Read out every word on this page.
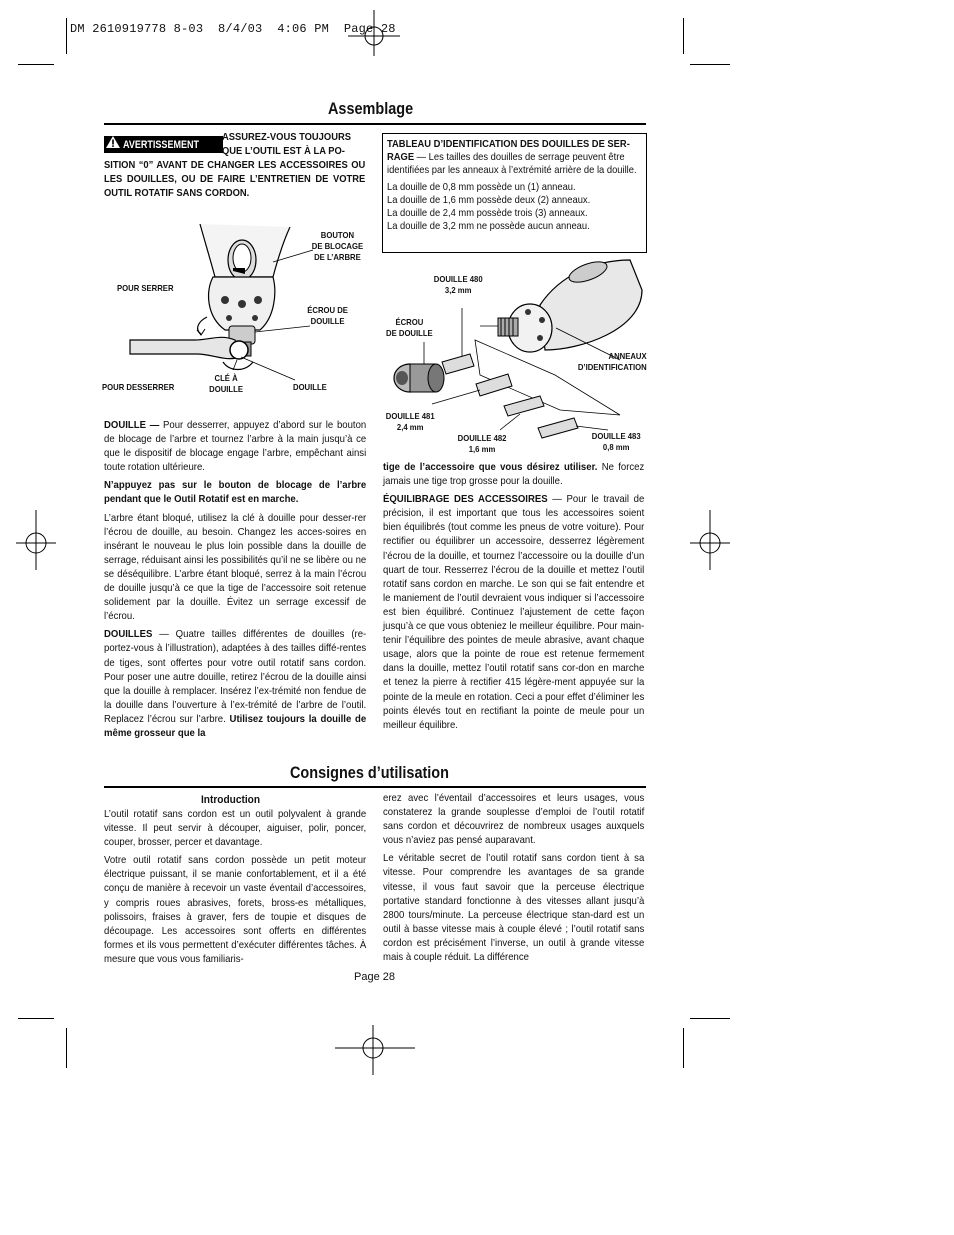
DM 2610919778 8-03  8/4/03  4:06 PM  Page 28
Assemblage
AVERTISSEMENT
ASSUREZ-VOUS TOUJOURS
QUE L’OUTIL EST À LA PO-
SITION “0” AVANT DE CHANGER LES ACCESSOIRES OU LES DOUILLES, OU DE FAIRE L’ENTRETIEN DE VOTRE OUTIL ROTATIF SANS CORDON.

TABLEAU D’IDENTIFICATION DES DOUILLES DE SER-RAGE — Les tailles des douilles de serrage peuvent être identifiées par les anneaux à l’extrémité arrière de la douille.

La douille de 0,8 mm possède un (1) anneau.
La douille de 1,6 mm possède deux (2) anneaux.
La douille de 2,4 mm possède trois (3) anneaux.
La douille de 3,2 mm ne possède aucun anneau.
BOUTON
DE BLOCAGE
DE L’ARBRE
POUR SERRER
ÉCROU DE
DOUILLE
POUR DESSERRER
CLÉ À
DOUILLE	DOUILLE
DOUILLE 480
3,2 mm
ÉCROU
DE DOUILLE
ANNEAUX
D’IDENTIFICATION
DOUILLE 481
2,4 mm
DOUILLE 482
1,6 mm
DOUILLE 483
0,8 mm

DOUILLE — Pour desserrer, appuyez d’abord sur le bouton de blocage de l’arbre et tournez l’arbre à la main jusqu’à ce que le dispositif de blocage engage l’arbre, empêchant ainsi toute rotation ultérieure.

N’appuyez pas sur le bouton de blocage de l’arbre pendant que le Outil Rotatif est en marche.

L’arbre étant bloqué, utilisez la clé à douille pour desser-rer l’écrou de douille, au besoin. Changez les acces-soires en insérant le nouveau le plus loin possible dans la douille de serrage, réduisant ainsi les possibilités qu’il ne se libère ou ne se déséquilibre. L’arbre étant bloqué, serrez à la main l’écrou de douille jusqu’à ce que la tige de l’accessoire soit retenue solidement par la douille. Évitez un serrage excessif de l’écrou.

DOUILLES — Quatre tailles différentes de douilles (re-portez-vous à l’illustration), adaptées à des tailles diffé-rentes de tiges, sont offertes pour votre outil rotatif sans cordon. Pour poser une autre douille, retirez l’écrou de la douille ainsi que la douille à remplacer. Insérez l’ex-trémité non fendue de la douille dans l’ouverture à l’ex-trémité de l’arbre de l’outil. Replacez l’écrou sur l’arbre. Utilisez toujours la douille de même grosseur que la

tige de l’accessoire que vous désirez utiliser. Ne forcez jamais une tige trop grosse pour la douille.

ÉQUILIBRAGE DES ACCESSOIRES — Pour le travail de précision, il est important que tous les accessoires soient bien équilibrés (tout comme les pneus de votre voiture). Pour rectifier ou équilibrer un accessoire, desserrez légèrement l’écrou de la douille, et tournez l’accessoire ou la douille d’un quart de tour. Resserrez l’écrou de la douille et mettez l’outil rotatif sans cordon en marche. Le son qui se fait entendre et le maniement de l’outil devraient vous indiquer si l’accessoire est bien équilibré. Continuez l’ajustement de cette façon jusqu’à ce que vous obteniez le meilleur équilibre. Pour main-tenir l’équilibre des pointes de meule abrasive, avant chaque usage, alors que la pointe de roue est retenue fermement dans la douille, mettez l’outil rotatif sans cor-don en marche et tenez la pierre à rectifier 415 légère-ment appuyée sur la pointe de la meule en rotation. Ceci a pour effet d’éliminer les points élevés tout en rectifiant la pointe de meule pour un meilleur équilibre.

Consignes d’utilisation
Introduction

L’outil rotatif sans cordon est un outil polyvalent à grande vitesse. Il peut servir à découper, aiguiser, polir, poncer, couper, brosser, percer et davantage.

Votre outil rotatif sans cordon possède un petit moteur électrique puissant, il se manie confortablement, et il a été conçu de manière à recevoir un vaste éventail d’accessoires, y compris roues abrasives, forets, bross-es métalliques, polissoirs, fraises à graver, fers de toupie et disques de découpage. Les accessoires sont offerts en différentes formes et ils vous permettent d’exécuter différentes tâches. À mesure que vous vous familiaris-

erez avec l’éventail d’accessoires et leurs usages, vous constaterez la grande souplesse d’emploi de l’outil rotatif sans cordon et découvrirez de nombreux usages auxquels vous n’aviez pas pensé auparavant.

Le véritable secret de l’outil rotatif sans cordon tient à sa vitesse. Pour comprendre les avantages de sa grande vitesse, il vous faut savoir que la perceuse électrique portative standard fonctionne à des vitesses allant jusqu’à 2800 tours/minute. La perceuse électrique stan-dard est un outil à basse vitesse mais à couple élevé ; l’outil rotatif sans cordon est précisément l’inverse, un outil à grande vitesse mais à couple réduit. La différence

Page 28
